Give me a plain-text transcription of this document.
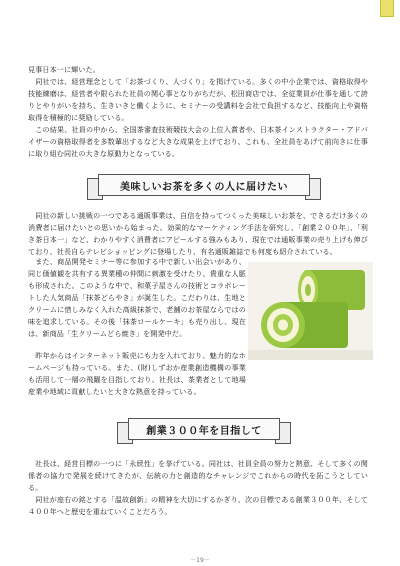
見事日本一に輝いた。
　同社では、経営理念として「お茶づくり、人づくり」を掲げている。多くの中小企業では、資格取得や技能練磨は、経営者や限られた社員の関心事となりがちだが、松田商店では、全従業員が仕事を通して誇りとやりがいを持ち、生きいきと働くように、セミナーの受講料を会社で負担するなど、技能向上や資格取得を積極的に奨励している。
　この結果、社員の中から、全国茶審査技術競技大会の上位入賞者や、日本茶インストラクター・アドバイザーの資格取得者を多数輩出するなど大きな成果を上げており、これも、全社員をあげて前向きに仕事に取り組む同社の大きな原動力となっている。

美味しいお茶を多くの人に届けたい

　同社の新しい挑戦の一つである通販事業は、自信を持ってつくった美味しいお茶を、できるだけ多くの消費者に届けたいとの思いから始まった。効果的なマーケティング手法を研究し、「創業２００年」、「利き茶日本一」など、わかりやすく消費者にアピールする強みもあり、現在では通販事業の売り上げも伸びており、社長自らテレビショッピングに登場したり、有名通販雑誌でも何度も紹介されている。

　また、商品開発セミナー等に参加する中で新しい出会いがあり、同じ価値観を共有する異業種の仲間に刺激を受けたり、貴重な人脈も形成された。このような中で、和菓子屋さんの技術とコラボレートした人気商品「抹茶どらやき」が誕生した。こだわりは、生地とクリームに惜しみなく入れた高級抹茶で、老舗のお茶屋ならではの味を追求している。その後「抹茶ロールケーキ」も売り出し、現在は、新商品「生クリームどら焼き」を開発中だ。

　昨年からはインターネット販売にも力を入れており、魅力的なホームページも持っている。また、(財)しずおか産業創造機構の事業も活用して一層の飛躍を目指しており、社長は、茶業者として地場産業や地域に貢献したいと大きな熱意を持っている。

創業３００年を目指して

　社長は、経営目標の一つに「永続性」を挙げている。同社は、社員全員の努力と熱意、そして多くの関係者の協力で発展を続けてきたが、伝統の力と創造的なチャレンジでこれからの時代を拓こうとしている。
　同社が座右の銘とする「温故創新」の精神を大切にするかぎり、次の目標である創業３００年、そして４００年へと歴史を重ねていくことだろう。

－19－
